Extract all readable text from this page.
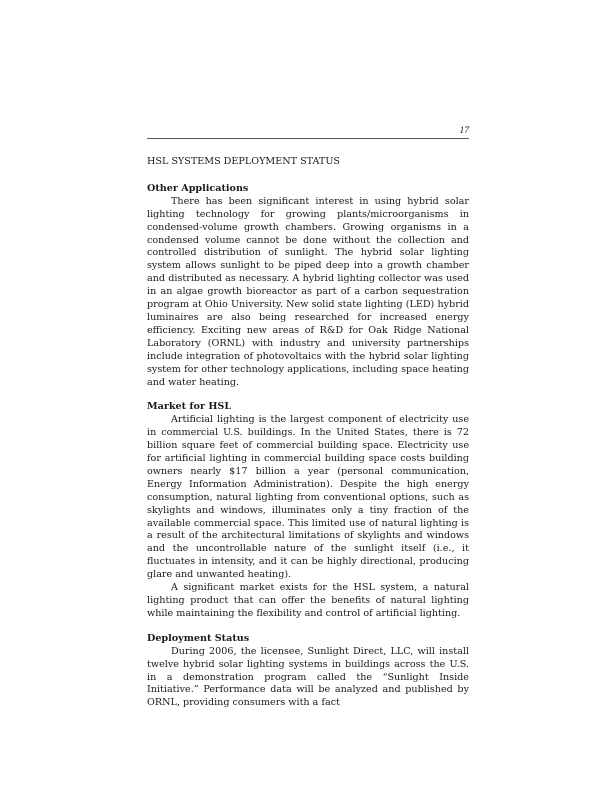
17

HSL SYSTEMS DEPLOYMENT STATUS

Other Applications

There has been significant interest in using hybrid solar lighting technology for growing plants/microorganisms in condensed-volume growth chambers. Growing organisms in a condensed volume cannot be done without the collection and controlled distribution of sunlight. The hybrid solar lighting system allows sunlight to be piped deep into a growth chamber and distributed as necessary. A hybrid lighting collector was used in an algae growth bioreactor as part of a carbon sequestration program at Ohio University. New solid state lighting (LED) hybrid luminaires are also being researched for increased energy efficiency. Exciting new areas of R&D for Oak Ridge National Laboratory (ORNL) with industry and university partnerships include integration of photovoltaics with the hybrid solar lighting system for other technology applications, including space heating and water heating.

Market for HSL

Artificial lighting is the largest component of electricity use in commercial U.S. buildings. In the United States, there is 72 billion square feet of commercial building space. Electricity use for artificial lighting in commercial building space costs building owners nearly $17 billion a year (personal communication, Energy Information Administration). Despite the high energy consumption, natural lighting from conventional options, such as skylights and windows, illuminates only a tiny fraction of the available commercial space. This limited use of natural lighting is a result of the architectural limitations of skylights and windows and the uncontrollable nature of the sunlight itself (i.e., it fluctuates in intensity, and it can be highly directional, producing glare and unwanted heating).

A significant market exists for the HSL system, a natural lighting product that can offer the benefits of natural lighting while maintaining the flexibility and control of artificial lighting.

Deployment Status

During 2006, the licensee, Sunlight Direct, LLC, will install twelve hybrid solar lighting systems in buildings across the U.S. in a demonstration program called the “Sunlight Inside Initiative.” Performance data will be analyzed and published by ORNL, providing consumers with a fact
